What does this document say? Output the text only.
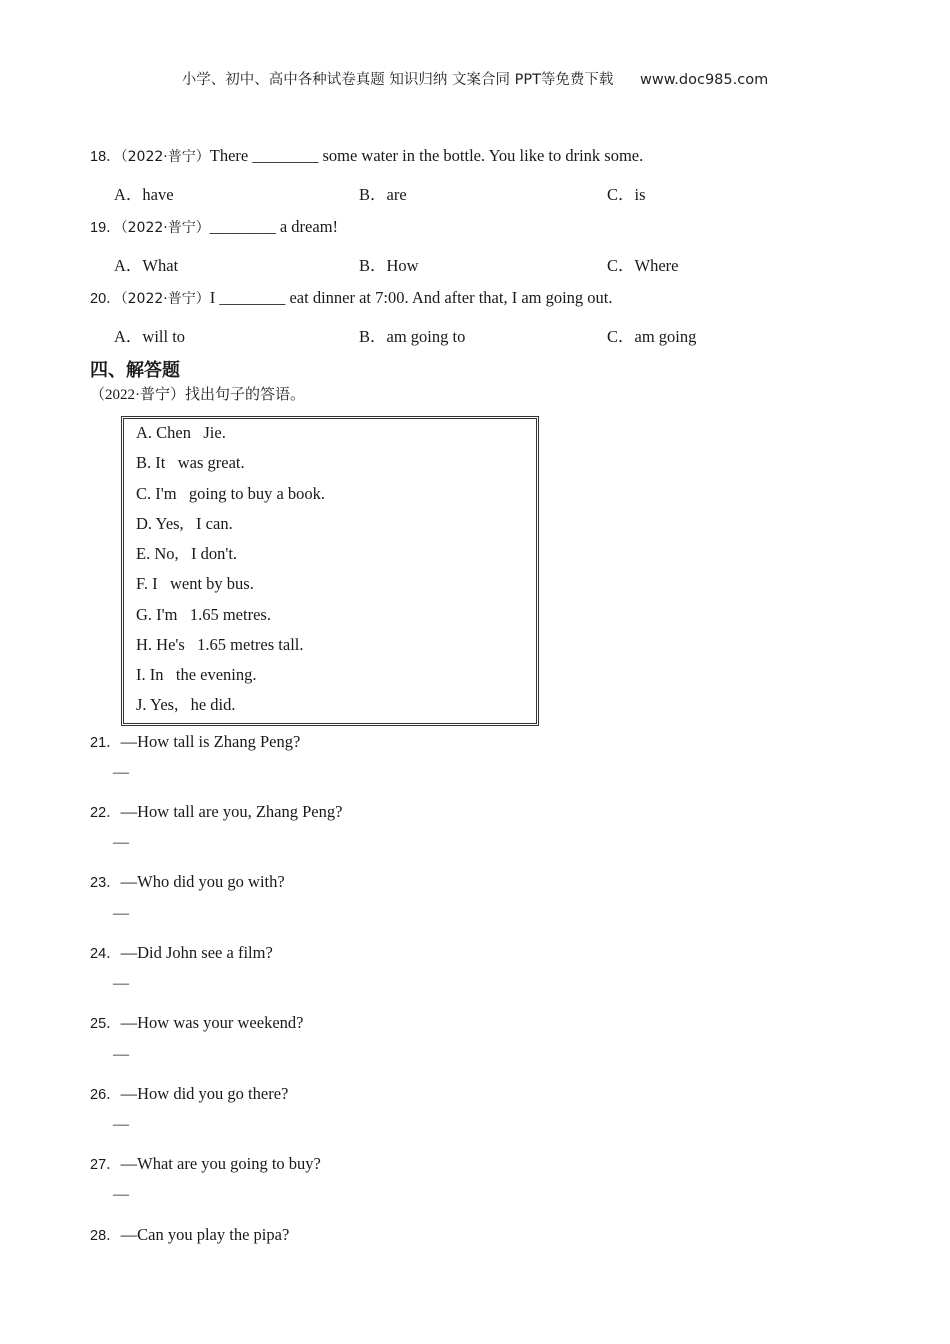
小学、初中、高中各种试卷真题 知识归纳 文案合同 PPT等免费下载 www.doc985.com
18．（2022·普宁）There ________ some water in the bottle. You like to drink some.
A．have	B．are	C．is
19．（2022·普宁）________ a dream!
A．What	B．How	C．Where
20．（2022·普宁）I ________ eat dinner at 7:00. And after that, I am going out.
A．will to	B．am going to	C．am going
四、解答题
（2022·普宁）找出句子的答语。
A. Chen   Jie.
B. It   was great.
C. I'm   going to buy a book.
D. Yes,   I can.
E. No,   I don't.
F. I   went by bus.
G. I'm   1.65 metres.
H. He's   1.65 metres tall.
I. In   the evening.
J. Yes,   he did.
21．—How tall is Zhang Peng?
—
22．—How tall are you, Zhang Peng?
—
23．—Who did you go with?
—
24．—Did John see a film?
—
25．—How was your weekend?
—
26．—How did you go there?
—
27．—What are you going to buy?
—
28．—Can you play the pipa?
